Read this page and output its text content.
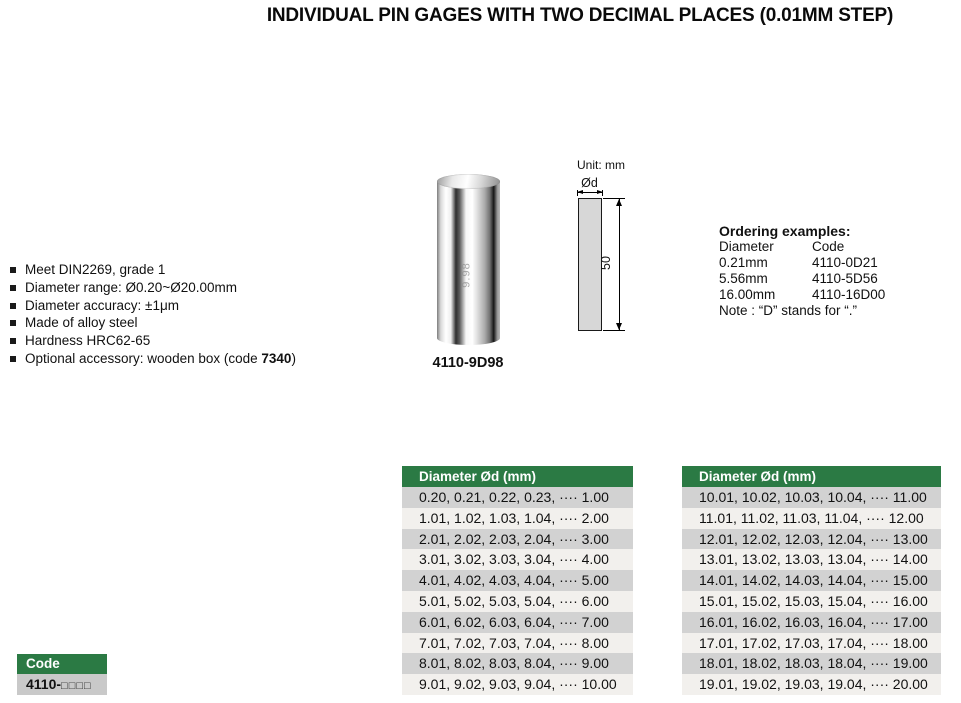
INDIVIDUAL PIN GAGES WITH TWO DECIMAL PLACES (0.01MM STEP)
Meet DIN2269, grade 1
Diameter range: Ø0.20~Ø20.00mm
Diameter accuracy: ±1μm
Made of alloy steel
Hardness HRC62-65
Optional accessory: wooden box (code 7340)
9.98
4110-9D98
Unit: mm
Ød
50
Ordering examples:
Diameter	Code
0.21mm	4110-0D21
5.56mm	4110-5D56
16.00mm	4110-16D00
Note : “D” stands for “.”
Diameter Ød (mm)
0.20, 0.21, 0.22, 0.23, ···· 1.00
1.01, 1.02, 1.03, 1.04, ···· 2.00
2.01, 2.02, 2.03, 2.04, ···· 3.00
3.01, 3.02, 3.03, 3.04, ···· 4.00
4.01, 4.02, 4.03, 4.04, ···· 5.00
5.01, 5.02, 5.03, 5.04, ···· 6.00
6.01, 6.02, 6.03, 6.04, ···· 7.00
7.01, 7.02, 7.03, 7.04, ···· 8.00
8.01, 8.02, 8.03, 8.04, ···· 9.00
9.01, 9.02, 9.03, 9.04, ···· 10.00
Diameter Ød (mm)
10.01, 10.02, 10.03, 10.04, ···· 11.00
11.01, 11.02, 11.03, 11.04, ···· 12.00
12.01, 12.02, 12.03, 12.04, ···· 13.00
13.01, 13.02, 13.03, 13.04, ···· 14.00
14.01, 14.02, 14.03, 14.04, ···· 15.00
15.01, 15.02, 15.03, 15.04, ···· 16.00
16.01, 16.02, 16.03, 16.04, ···· 17.00
17.01, 17.02, 17.03, 17.04, ···· 18.00
18.01, 18.02, 18.03, 18.04, ···· 19.00
19.01, 19.02, 19.03, 19.04, ···· 20.00
Code
4110-□□□□
